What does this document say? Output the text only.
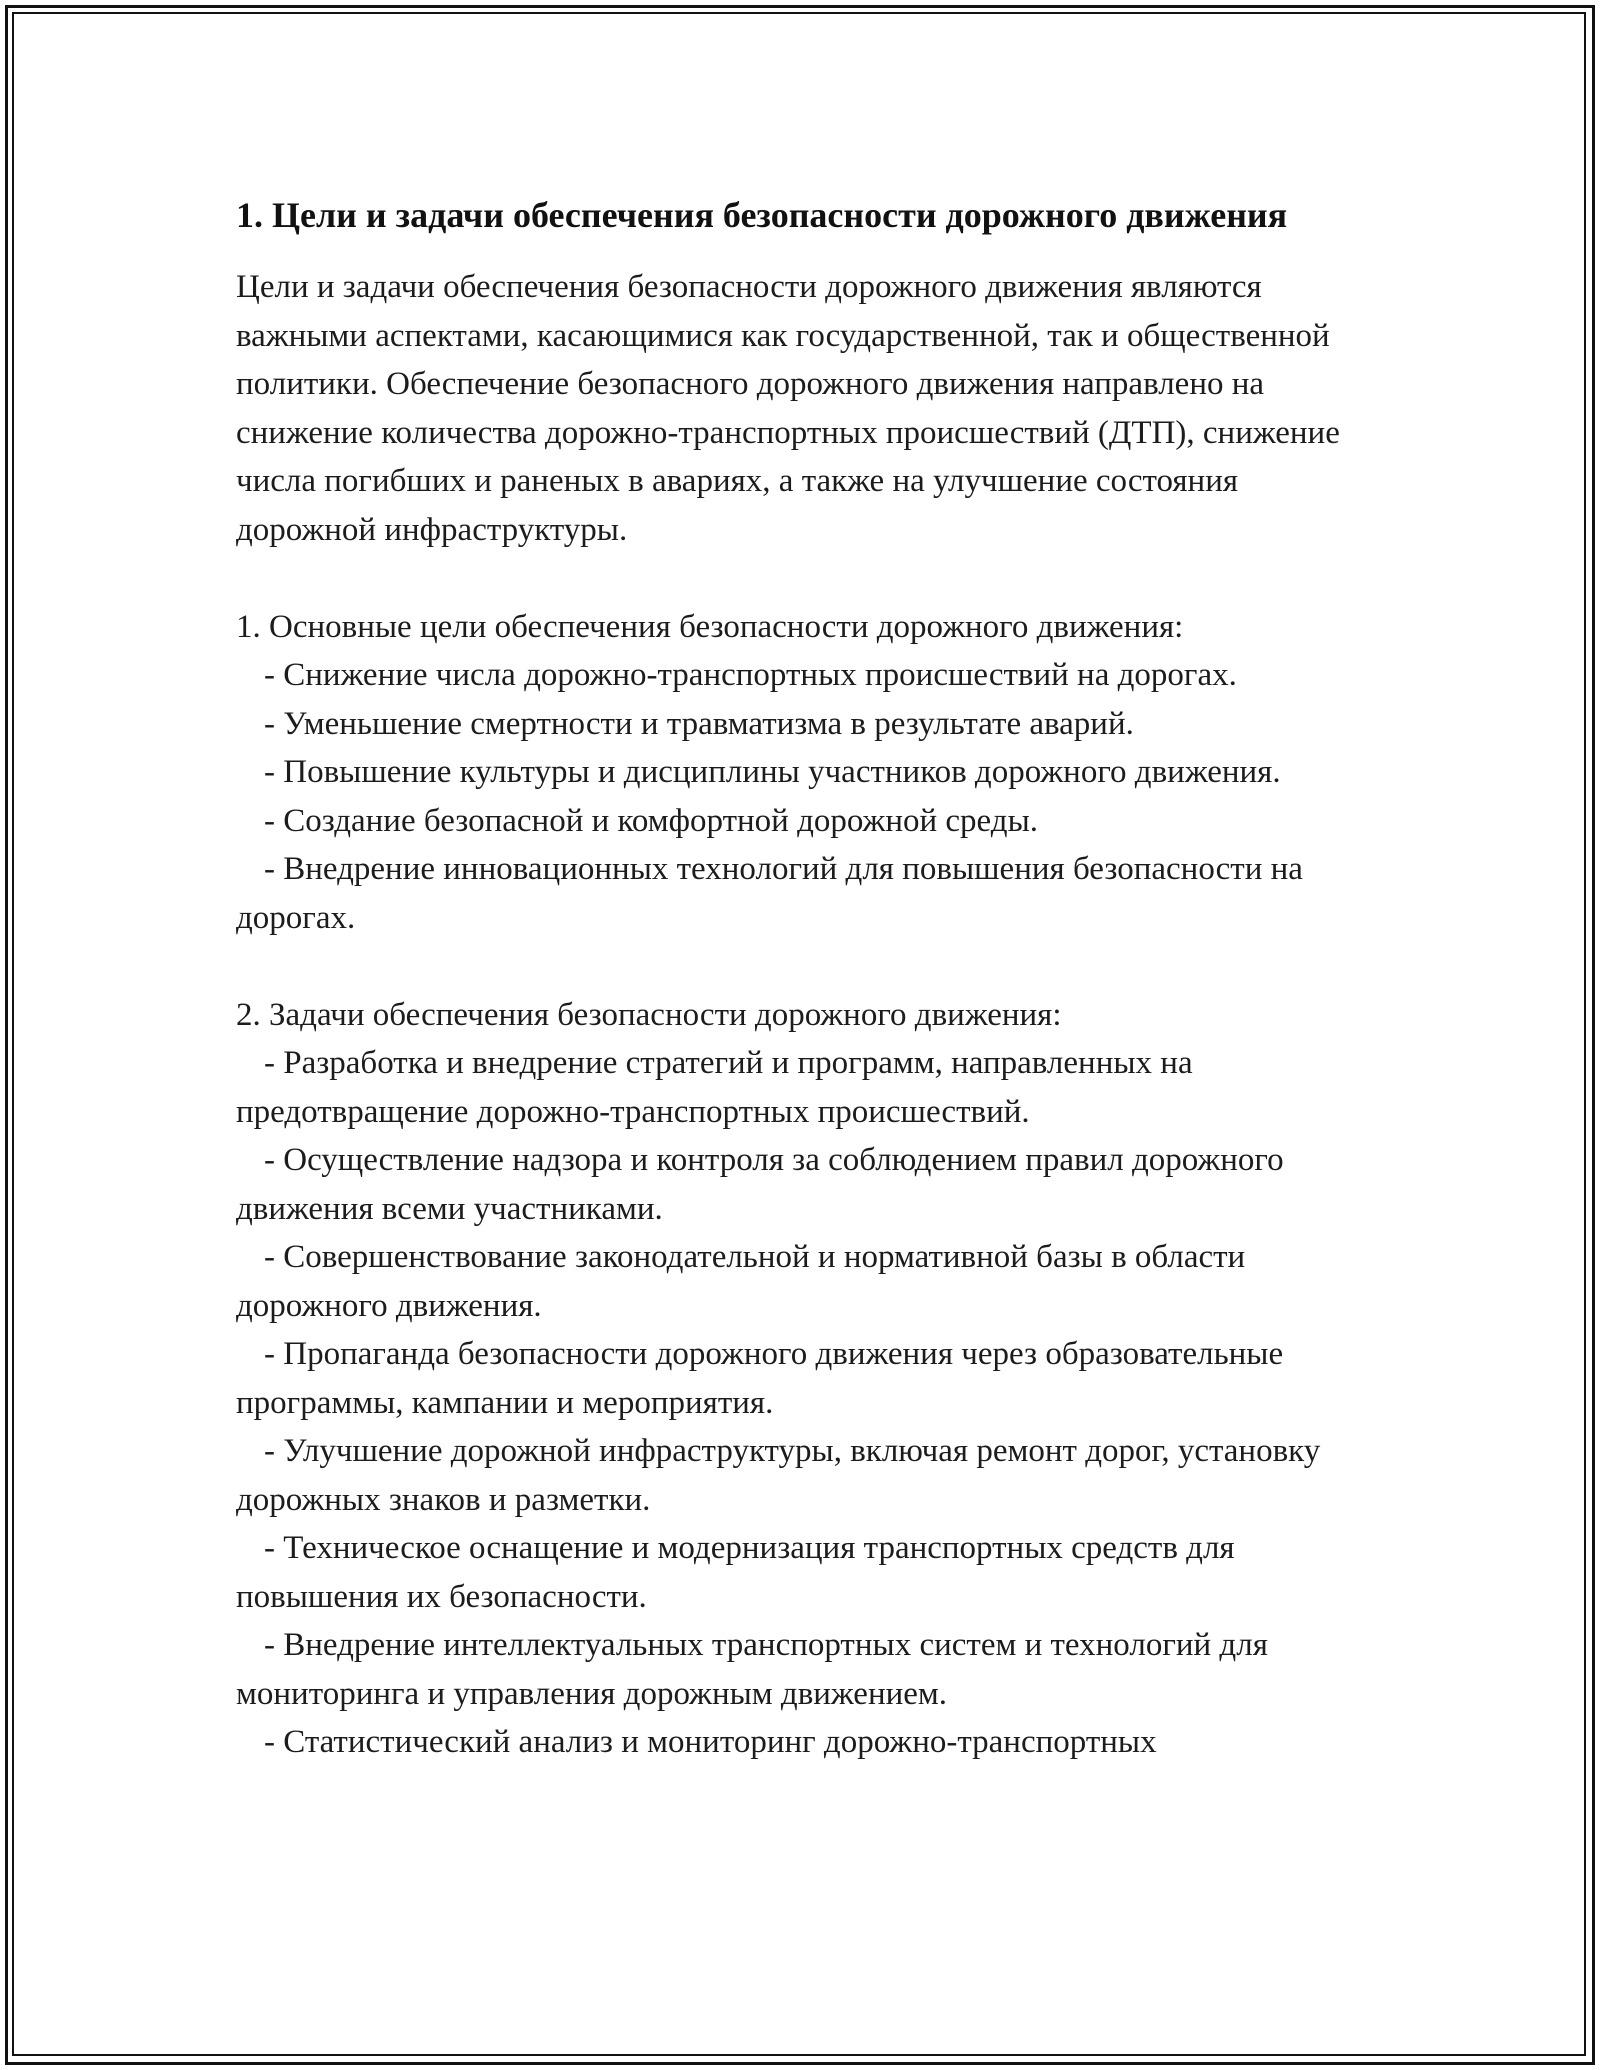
1. Цели и задачи обеспечения безопасности дорожного движения

Цели и задачи обеспечения безопасности дорожного движения являются важными аспектами, касающимися как государственной, так и общественной политики. Обеспечение безопасного дорожного движения направлено на снижение количества дорожно-транспортных происшествий (ДТП), снижение числа погибших и раненых в авариях, а также на улучшение состояния дорожной инфраструктуры.

1. Основные цели обеспечения безопасности дорожного движения:

- Снижение числа дорожно-транспортных происшествий на дорогах.

- Уменьшение смертности и травматизма в результате аварий.

- Повышение культуры и дисциплины участников дорожного движения.

- Создание безопасной и комфортной дорожной среды.

- Внедрение инновационных технологий для повышения безопасности на дорогах.

2. Задачи обеспечения безопасности дорожного движения:

- Разработка и внедрение стратегий и программ, направленных на предотвращение дорожно-транспортных происшествий.

- Осуществление надзора и контроля за соблюдением правил дорожного движения всеми участниками.

- Совершенствование законодательной и нормативной базы в области дорожного движения.

- Пропаганда безопасности дорожного движения через образовательные программы, кампании и мероприятия.

- Улучшение дорожной инфраструктуры, включая ремонт дорог, установку дорожных знаков и разметки.

- Техническое оснащение и модернизация транспортных средств для повышения их безопасности.

- Внедрение интеллектуальных транспортных систем и технологий для мониторинга и управления дорожным движением.

- Статистический анализ и мониторинг дорожно-транспортных
